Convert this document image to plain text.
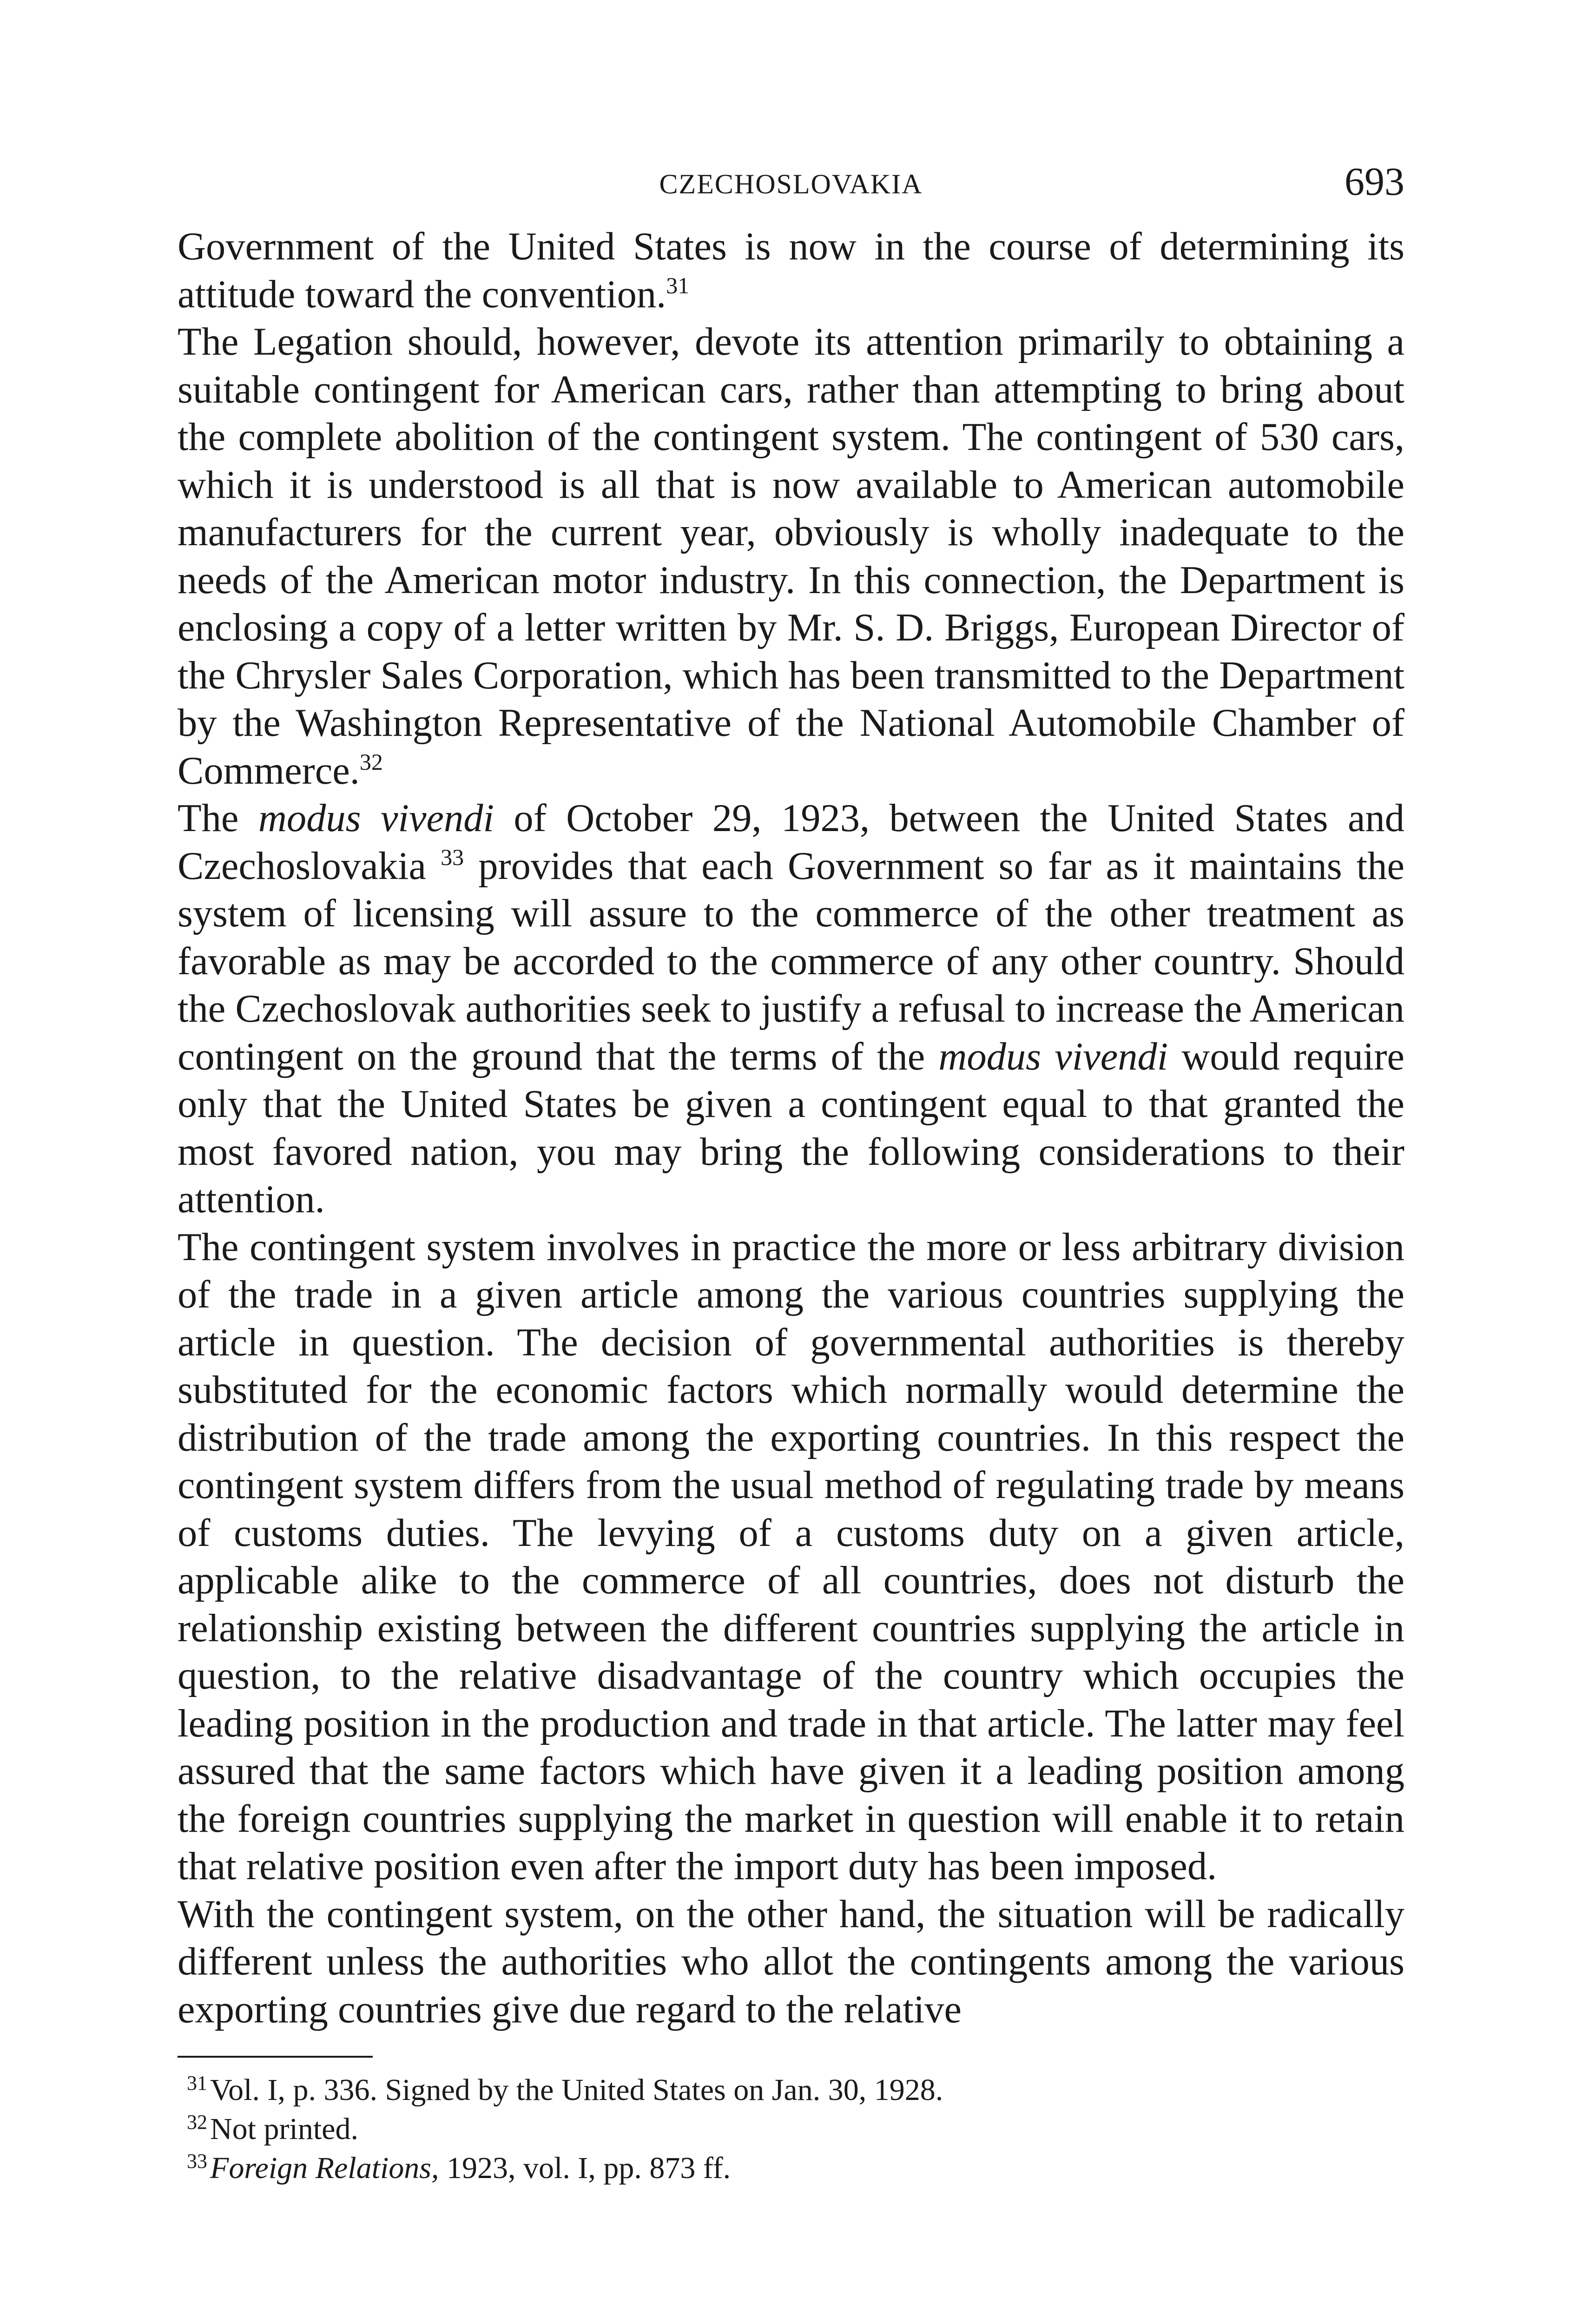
CZECHOSLOVAKIA	693

Government of the United States is now in the course of determining its attitude toward the convention.$^{31}$

The Legation should, however, devote its attention primarily to obtaining a suitable contingent for American cars, rather than attempting to bring about the complete abolition of the contingent system. The contingent of 530 cars, which it is understood is all that is now available to American automobile manufacturers for the current year, obviously is wholly inadequate to the needs of the American motor industry. In this connection, the Department is enclosing a copy of a letter written by Mr. S. D. Briggs, European Director of the Chrysler Sales Corporation, which has been transmitted to the Department by the Washington Representative of the National Automobile Chamber of Commerce.$^{32}$

The modus vivendi of October 29, 1923, between the United States and Czechoslovakia $^{33}$ provides that each Government so far as it maintains the system of licensing will assure to the commerce of the other treatment as favorable as may be accorded to the commerce of any other country. Should the Czechoslovak authorities seek to justify a refusal to increase the American contingent on the ground that the terms of the modus vivendi would require only that the United States be given a contingent equal to that granted the most favored nation, you may bring the following considerations to their attention.

The contingent system involves in practice the more or less arbitrary division of the trade in a given article among the various countries supplying the article in question. The decision of governmental authorities is thereby substituted for the economic factors which normally would determine the distribution of the trade among the exporting countries. In this respect the contingent system differs from the usual method of regulating trade by means of customs duties. The levying of a customs duty on a given article, applicable alike to the commerce of all countries, does not disturb the relationship existing between the different countries supplying the article in question, to the relative disadvantage of the country which occupies the leading position in the production and trade in that article. The latter may feel assured that the same factors which have given it a leading position among the foreign countries supplying the market in question will enable it to retain that relative position even after the import duty has been imposed.

With the contingent system, on the other hand, the situation will be radically different unless the authorities who allot the contingents among the various exporting countries give due regard to the relative

$^{31}$Vol. I, p. 336. Signed by the United States on Jan. 30, 1928.
$^{32}$Not printed.
$^{33}$Foreign Relations, 1923, vol. I, pp. 873 ff.
